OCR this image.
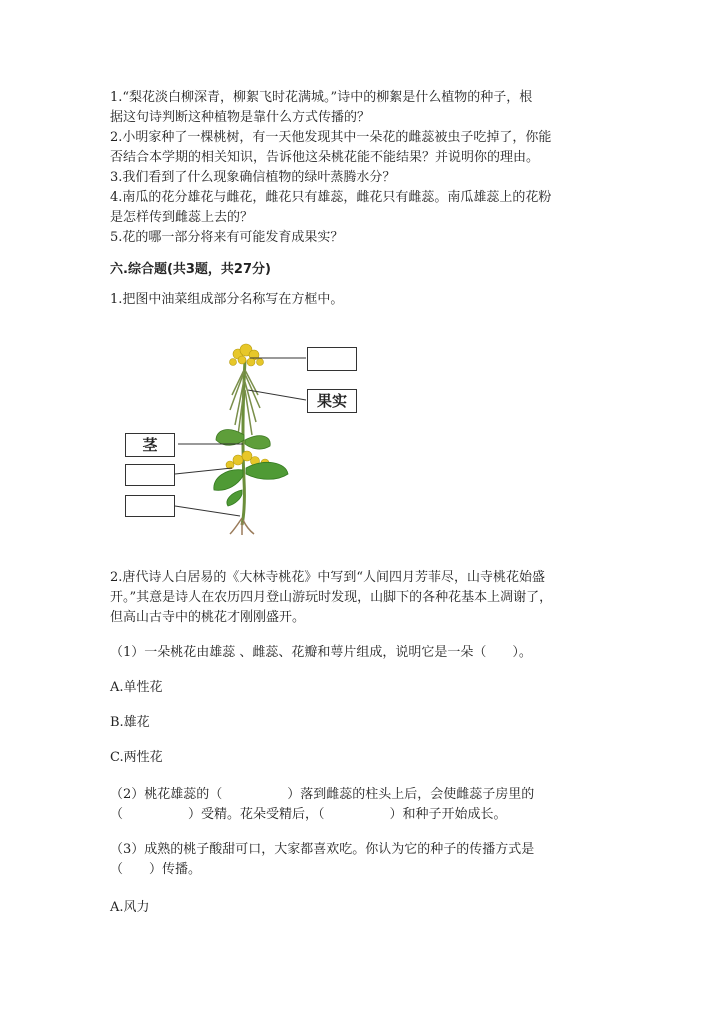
1.“梨花淡白柳深青，柳絮飞时花满城。”诗中的柳絮是什么植物的种子，根
据这句诗判断这种植物是靠什么方式传播的？
2.小明家种了一棵桃树，有一天他发现其中一朵花的雌蕊被虫子吃掉了，你能
否结合本学期的相关知识，告诉他这朵桃花能不能结果？并说明你的理由。
3.我们看到了什么现象确信植物的绿叶蒸腾水分？
4.南瓜的花分雄花与雌花，雌花只有雄蕊，雌花只有雌蕊。南瓜雄蕊上的花粉
是怎样传到雌蕊上去的？
5.花的哪一部分将来有可能发育成果实？
六.综合题(共3题，共27分)
1.把图中油菜组成部分名称写在方框中。
果实
茎
2.唐代诗人白居易的《大林寺桃花》中写到“人间四月芳菲尽，山寺桃花始盛
开。”其意是诗人在农历四月登山游玩时发现，山脚下的各种花基本上凋谢了，
但高山古寺中的桃花才刚刚盛开。
（1）一朵桃花由雄蕊 、雌蕊、花瓣和萼片组成，说明它是一朵（　　）。
A.单性花
B.雄花
C.两性花
（2）桃花雄蕊的（　　　　　）落到雌蕊的柱头上后，会使雌蕊子房里的
（　　　　　）受精。花朵受精后，（　　　　　）和种子开始成长。
（3）成熟的桃子酸甜可口，大家都喜欢吃。你认为它的种子的传播方式是
（　　）传播。
A.风力
